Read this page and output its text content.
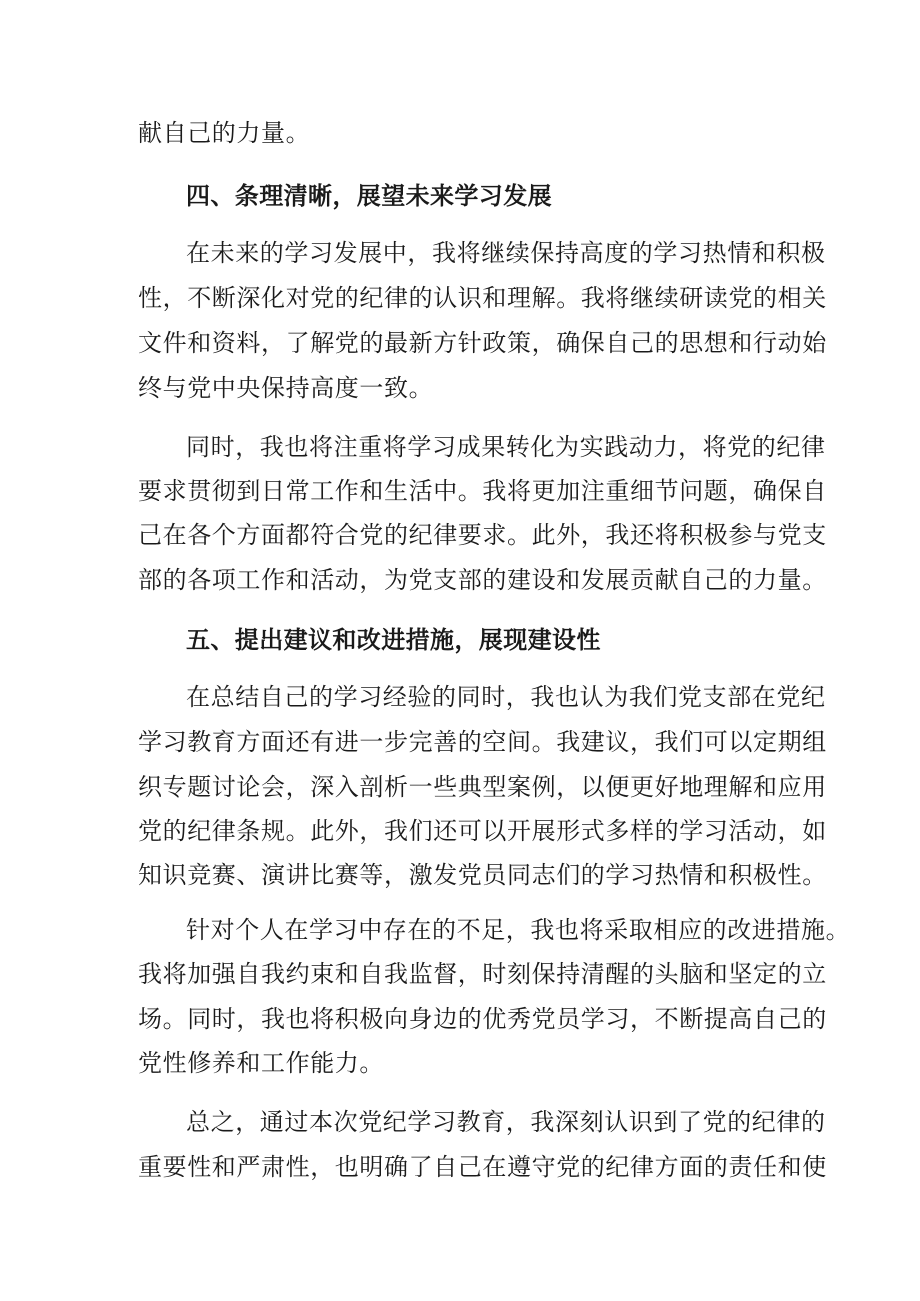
献自己的力量。
四、条理清晰，展望未来学习发展
在未来的学习发展中，我将继续保持高度的学习热情和积极
性，不断深化对党的纪律的认识和理解。我将继续研读党的相关
文件和资料，了解党的最新方针政策，确保自己的思想和行动始
终与党中央保持高度一致。
同时，我也将注重将学习成果转化为实践动力，将党的纪律
要求贯彻到日常工作和生活中。我将更加注重细节问题，确保自
己在各个方面都符合党的纪律要求。此外，我还将积极参与党支
部的各项工作和活动，为党支部的建设和发展贡献自己的力量。
五、提出建议和改进措施，展现建设性
在总结自己的学习经验的同时，我也认为我们党支部在党纪
学习教育方面还有进一步完善的空间。我建议，我们可以定期组
织专题讨论会，深入剖析一些典型案例，以便更好地理解和应用
党的纪律条规。此外，我们还可以开展形式多样的学习活动，如
知识竞赛、演讲比赛等，激发党员同志们的学习热情和积极性。
针对个人在学习中存在的不足，我也将采取相应的改进措施。
我将加强自我约束和自我监督，时刻保持清醒的头脑和坚定的立
场。同时，我也将积极向身边的优秀党员学习，不断提高自己的
党性修养和工作能力。
总之，通过本次党纪学习教育，我深刻认识到了党的纪律的
重要性和严肃性，也明确了自己在遵守党的纪律方面的责任和使
